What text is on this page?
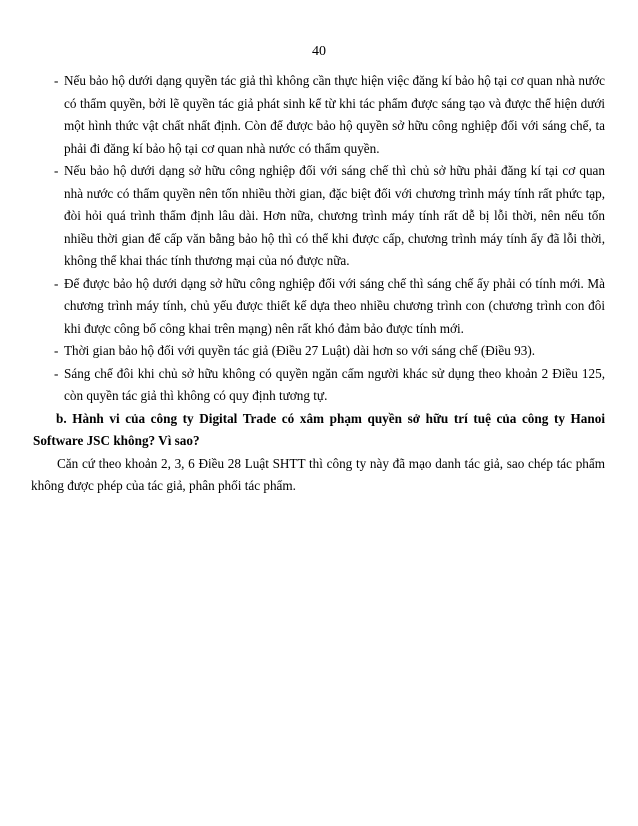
40
- Nếu bảo hộ dưới dạng quyền tác giả thì không cần thực hiện việc đăng kí bảo hộ tại cơ quan nhà nước có thẩm quyền, bởi lẽ quyền tác giả phát sinh kể từ khi tác phẩm được sáng tạo và được thể hiện dưới một hình thức vật chất nhất định. Còn để được bảo hộ quyền sở hữu công nghiệp đối với sáng chế, ta phải đi đăng kí bảo hộ tại cơ quan nhà nước có thẩm quyền.
- Nếu bảo hộ dưới dạng sở hữu công nghiệp đối với sáng chế thì chủ sở hữu phải đăng kí tại cơ quan nhà nước có thẩm quyền nên tốn nhiều thời gian, đặc biệt đối với chương trình máy tính rất phức tạp, đòi hỏi quá trình thẩm định lâu dài. Hơn nữa, chương trình máy tính rất dễ bị lỗi thời, nên nếu tốn nhiều thời gian để cấp văn bằng bảo hộ thì có thể khi được cấp, chương trình máy tính ấy đã lỗi thời, không thể khai thác tính thương mại của nó được nữa.
- Để được bảo hộ dưới dạng sở hữu công nghiệp đối với sáng chế thì sáng chế ấy phải có tính mới. Mà chương trình máy tính, chủ yếu được thiết kế dựa theo nhiều chương trình con (chương trình con đôi khi được công bố công khai trên mạng) nên rất khó đảm bảo được tính mới.
- Thời gian bảo hộ đối với quyền tác giả (Điều 27 Luật) dài hơn so với sáng chế (Điều 93).
- Sáng chế đôi khi chủ sở hữu không có quyền ngăn cấm người khác sử dụng theo khoản 2 Điều 125, còn quyền tác giả thì không có quy định tương tự.
b. Hành vi của công ty Digital Trade có xâm phạm quyền sở hữu trí tuệ của công ty Hanoi Software JSC không? Vì sao?
Căn cứ theo khoản 2, 3, 6 Điều 28 Luật SHTT thì công ty này đã mạo danh tác giả, sao chép tác phẩm không được phép của tác giả, phân phối tác phẩm.
